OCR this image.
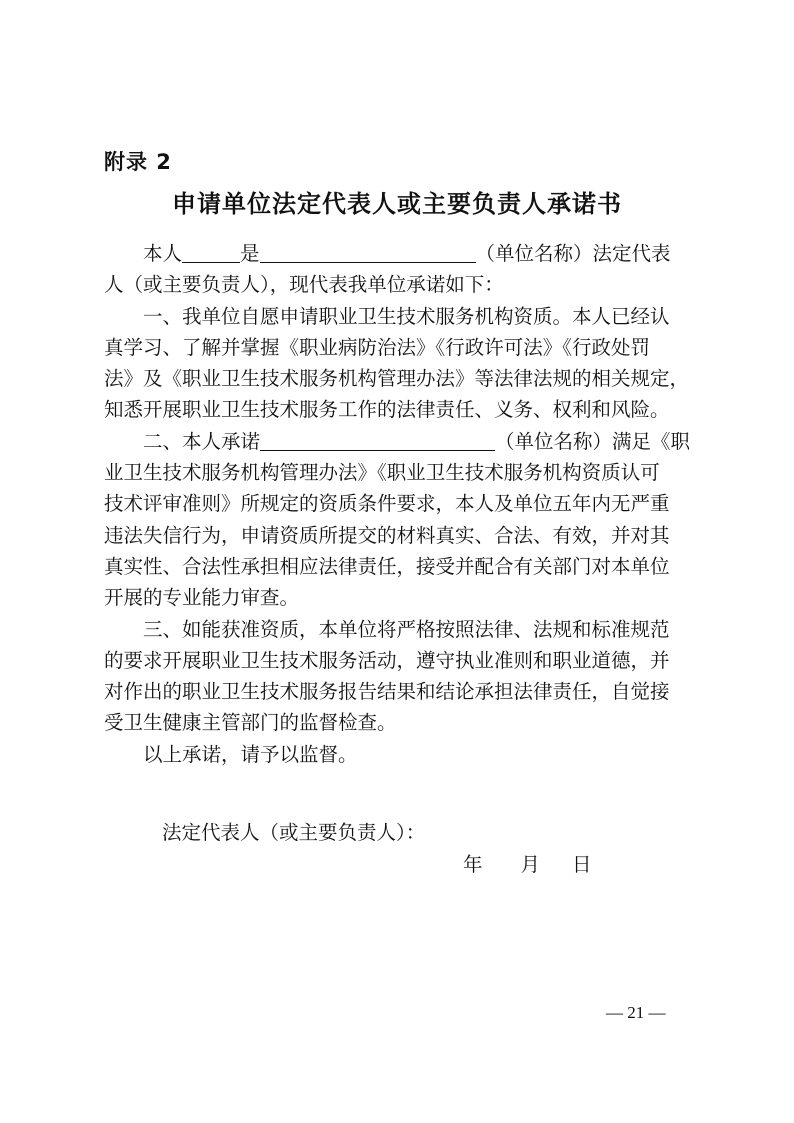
附录 2
申请单位法定代表人或主要负责人承诺书
本人	是	（单位名称）法定代表
人（或主要负责人），现代表我单位承诺如下：
一、我单位自愿申请职业卫生技术服务机构资质。本人已经认
真学习、了解并掌握《职业病防治法》《行政许可法》《行政处罚
法》及《职业卫生技术服务机构管理办法》等法律法规的相关规定，
知悉开展职业卫生技术服务工作的法律责任、义务、权利和风险。
二、本人承诺	（单位名称）满足《职
业卫生技术服务机构管理办法》《职业卫生技术服务机构资质认可
技术评审准则》所规定的资质条件要求，本人及单位五年内无严重
违法失信行为，申请资质所提交的材料真实、合法、有效，并对其
真实性、合法性承担相应法律责任，接受并配合有关部门对本单位
开展的专业能力审查。
三、如能获准资质，本单位将严格按照法律、法规和标准规范
的要求开展职业卫生技术服务活动，遵守执业准则和职业道德，并
对作出的职业卫生技术服务报告结果和结论承担法律责任，自觉接
受卫生健康主管部门的监督检查。
以上承诺，请予以监督。
法定代表人（或主要负责人）：
年 月 日
— 21 —
